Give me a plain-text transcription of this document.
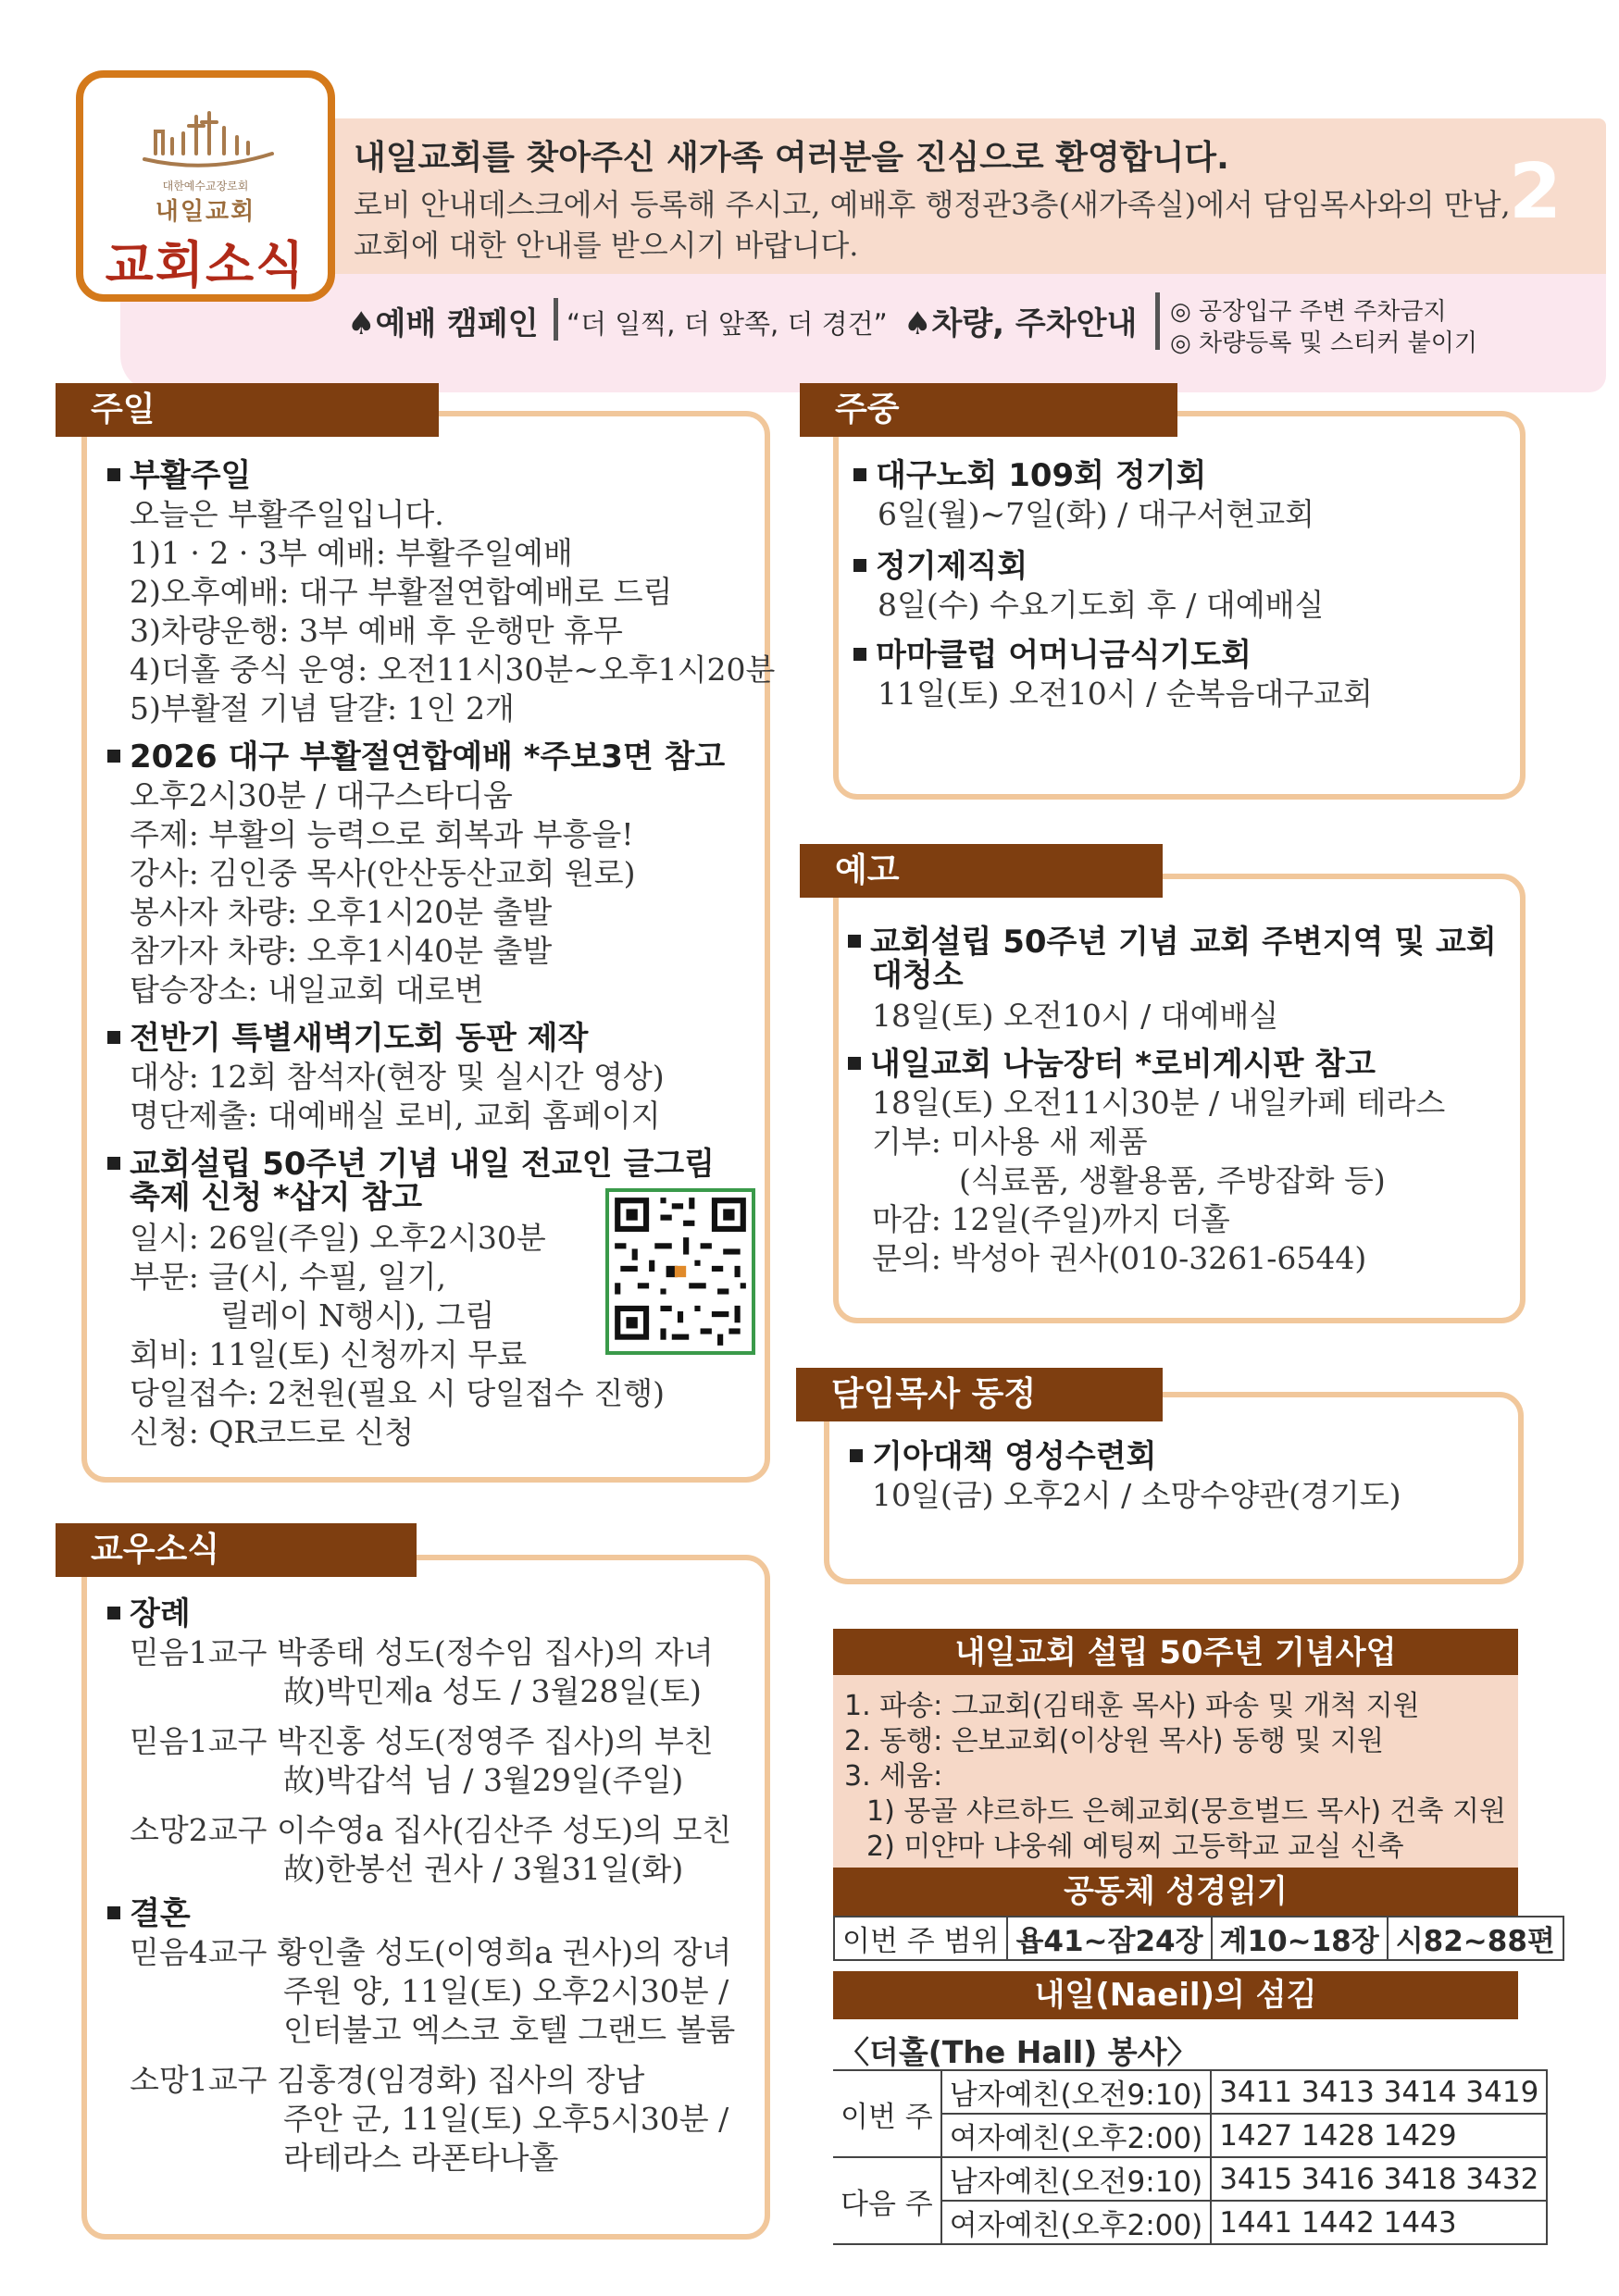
대한예수교장로회
내일교회
교회소식
내일교회를 찾아주신 새가족 여러분을 진심으로 환영합니다.
로비 안내데스크에서 등록해 주시고, 예배후 행정관3층(새가족실)에서 담임목사와의 만남,
교회에 대한 안내를 받으시기 바랍니다.
2
♠예배 캠페인 “더 일찍, 더 앞쪽, 더 경건” ♠차량, 주차안내 ◎ 공장입구 주변 주차금지
◎ 차량등록 및 스티커 붙이기
주일
부활주일
오늘은 부활주일입니다.
1)1 · 2 · 3부 예배: 부활주일예배
2)오후예배: 대구 부활절연합예배로 드림
3)차량운행: 3부 예배 후 운행만 휴무
4)더홀 중식 운영: 오전11시30분~오후1시20분
5)부활절 기념 달걀: 1인 2개
2026 대구 부활절연합예배 *주보3면 참고
오후2시30분 / 대구스타디움
주제: 부활의 능력으로 회복과 부흥을!
강사: 김인중 목사(안산동산교회 원로)
봉사자 차량: 오후1시20분 출발
참가자 차량: 오후1시40분 출발
탑승장소: 내일교회 대로변
전반기 특별새벽기도회 동판 제작
대상: 12회 참석자(현장 및 실시간 영상)
명단제출: 대예배실 로비, 교회 홈페이지
교회설립 50주년 기념 내일 전교인 글그림
축제 신청 *삽지 참고
일시: 26일(주일) 오후2시30분
부문: 글(시, 수필, 일기,
릴레이 N행시), 그림
회비: 11일(토) 신청까지 무료
당일접수: 2천원(필요 시 당일접수 진행)
신청: QR코드로 신청
교우소식
장례
믿음1교구 박종태 성도(정수임 집사)의 자녀
故)박민제a 성도 / 3월28일(토)
믿음1교구 박진홍 성도(정영주 집사)의 부친
故)박갑석 님 / 3월29일(주일)
소망2교구 이수영a 집사(김산주 성도)의 모친
故)한봉선 권사 / 3월31일(화)
결혼
믿음4교구 황인출 성도(이영희a 권사)의 장녀
주원 양, 11일(토) 오후2시30분 /
인터불고 엑스코 호텔 그랜드 볼룸
소망1교구 김홍경(임경화) 집사의 장남
주안 군, 11일(토) 오후5시30분 /
라테라스 라폰타나홀
주중
대구노회 109회 정기회
6일(월)~7일(화) / 대구서현교회
정기제직회
8일(수) 수요기도회 후 / 대예배실
마마클럽 어머니금식기도회
11일(토) 오전10시 / 순복음대구교회
예고
교회설립 50주년 기념 교회 주변지역 및 교회
대청소
18일(토) 오전10시 / 대예배실
내일교회 나눔장터 *로비게시판 참고
18일(토) 오전11시30분 / 내일카페 테라스
기부: 미사용 새 제품
(식료품, 생활용품, 주방잡화 등)
마감: 12일(주일)까지 더홀
문의: 박성아 권사(010-3261-6544)
담임목사 동정
기아대책 영성수련회
10일(금) 오후2시 / 소망수양관(경기도)
내일교회 설립 50주년 기념사업
1. 파송: 그교회(김태훈 목사) 파송 및 개척 지원
2. 동행: 은보교회(이상원 목사) 동행 및 지원
3. 세움:
1) 몽골 샤르하드 은혜교회(뭉흐벌드 목사) 건축 지원
2) 미얀마 냐웅쉐 예팅찌 고등학교 교실 신축
공동체 성경읽기
이번 주 범위	욥41~잠24장	계10~18장	시82~88편
내일(Naeil)의 섬김
〈더홀(The Hall) 봉사〉
이번 주	남자예친(오전9:10)	3411 3413 3414 3419
	여자예친(오후2:00)	1427 1428 1429
다음 주	남자예친(오전9:10)	3415 3416 3418 3432
	여자예친(오후2:00)	1441 1442 1443
